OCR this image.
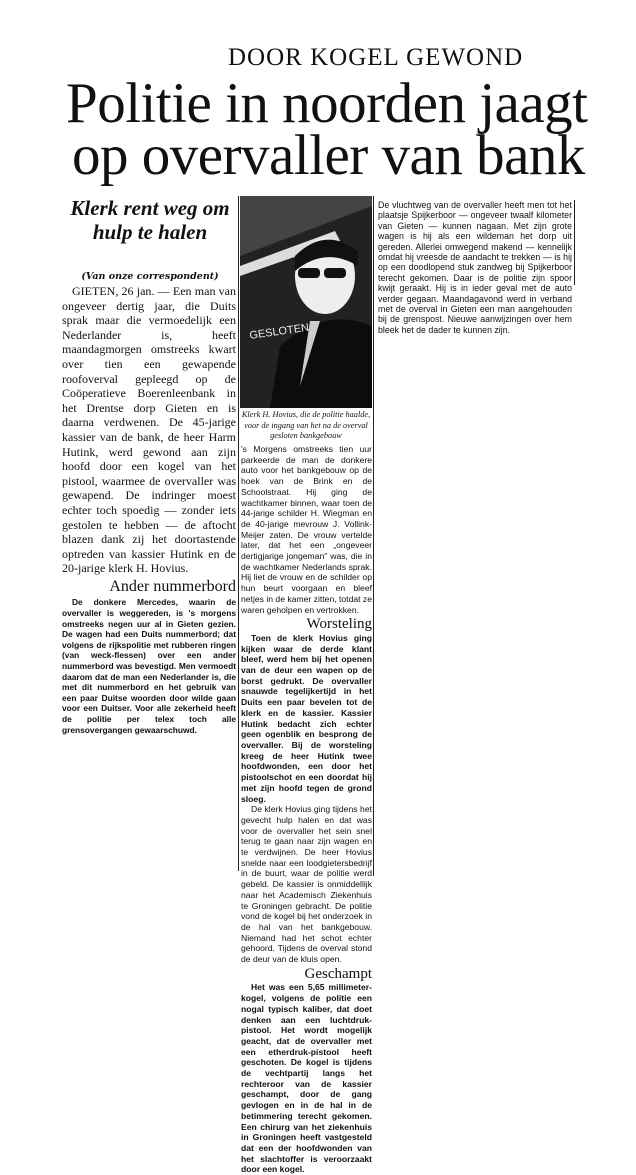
DOOR KOGEL GEWOND
Politie in noorden jaagt
op overvaller van bank
Klerk rent weg om hulp te halen
(Van onze correspondent)

GIETEN, 26 jan. — Een man van ongeveer dertig jaar, die Duits sprak maar die vermoedelijk een Nederlander is, heeft maandagmorgen omstreeks kwart over tien een gewapende roofoverval gepleegd op de Coöperatieve Boerenleenbank in het Drentse dorp Gieten en is daarna verdwenen. De 45-jarige kassier van de bank, de heer Harm Hutink, werd gewond aan zijn hoofd door een kogel van het pistool, waarmee de overvaller was gewapend. De indringer moest echter toch spoedig — zonder iets gestolen te hebben — de aftocht blazen dank zij het doortastende optreden van kassier Hutink en de 20-jarige klerk H. Hovius.

Ander nummerbord

De donkere Mercedes, waarin de overvaller is weggereden, is 's morgens omstreeks negen uur al in Gieten gezien. De wagen had een Duits nummerbord; dat volgens de rijkspolitie met rubberen ringen (van weck-flessen) over een ander nummerbord was bevestigd. Men vermoedt daarom dat de man een Nederlander is, die met dit nummerbord en het gebruik van een paar Duitse woorden door wilde gaan voor een Duitser. Voor alle zekerheid heeft de politie per telex toch alle grensovergangen gewaarschuwd.

GESLOTEN
Klerk H. Hovius, die de politie haalde, voor de ingang van het na de overval gesloten bankgebouw

's Morgens omstreeks tien uur parkeerde de man de donkere auto voor het bankgebouw op de hoek van de Brink en de Schoolstraat. Hij ging de wachtkamer binnen, waar toen de 44-jarige schilder H. Wiegman en de 40-jarige mevrouw J. Vollink-Meijer zaten. De vrouw vertelde later, dat het een „ongeveer dertigjarige jongeman" was, die in de wachtkamer Nederlands sprak. Hij liet de vrouw en de schilder op hun beurt voorgaan en bleef netjes in de kamer zitten, totdat ze waren geholpen en vertrokken.

Worsteling

Toen de klerk Hovius ging kijken waar de derde klant bleef, werd hem bij het openen van de deur een wapen op de borst gedrukt. De overvaller snauwde tegelijkertijd in het Duits een paar bevelen tot de klerk en de kassier. Kassier Hutink bedacht zich echter geen ogenblik en besprong de overvaller. Bij de worsteling kreeg de heer Hutink twee hoofdwonden, een door het pistoolschot en een doordat hij met zijn hoofd tegen de grond sloeg.

De klerk Hovius ging tijdens het gevecht hulp halen en dat was voor de overvaller het sein snel terug te gaan naar zijn wagen en te verdwijnen. De heer Hovius snelde naar een loodgietersbedrijf in de buurt, waar de politie werd gebeld. De kassier is onmiddellijk naar het Academisch Ziekenhuis te Groningen gebracht. De politie vond de kogel bij het onderzoek in de hal van het bankgebouw. Niemand had het schot echter gehoord. Tijdens de overval stond de deur van de kluis open.

Geschampt

Het was een 5,65 millimeter-kogel, volgens de politie een nogal typisch kaliber, dat doet denken aan een luchtdruk-pistool. Het wordt mogelijk geacht, dat de overvaller met een etherdruk-pistool heeft geschoten. De kogel is tijdens de vechtpartij langs het rechteroor van de kassier geschampt, door de gang gevlogen en in de hal in de betimmering terecht gekomen. Een chirurg van het ziekenhuis in Groningen heeft vastgesteld dat een der hoofdwonden van het slachtoffer is veroorzaakt door een kogel.

De vluchtweg van de overvaller heeft men tot het plaatsje Spijkerboor — ongeveer twaalf kilometer van Gieten — kunnen nagaan. Met zijn grote wagen is hij als een wildeman het dorp uit gereden. Allerlei omwegend makend — kennelijk omdat hij vreesde de aandacht te trekken — is hij op een doodlopend stuk zandweg bij Spijkerboor terecht gekomen. Daar is de politie zijn spoor kwijt geraakt. Hij is in ieder geval met de auto verder gegaan. Maandagavond werd in verband met de overval in Gieten een man aangehouden bij de grenspost. Nieuwe aanwijzingen over hem bleek het de dader te kunnen zijn.
